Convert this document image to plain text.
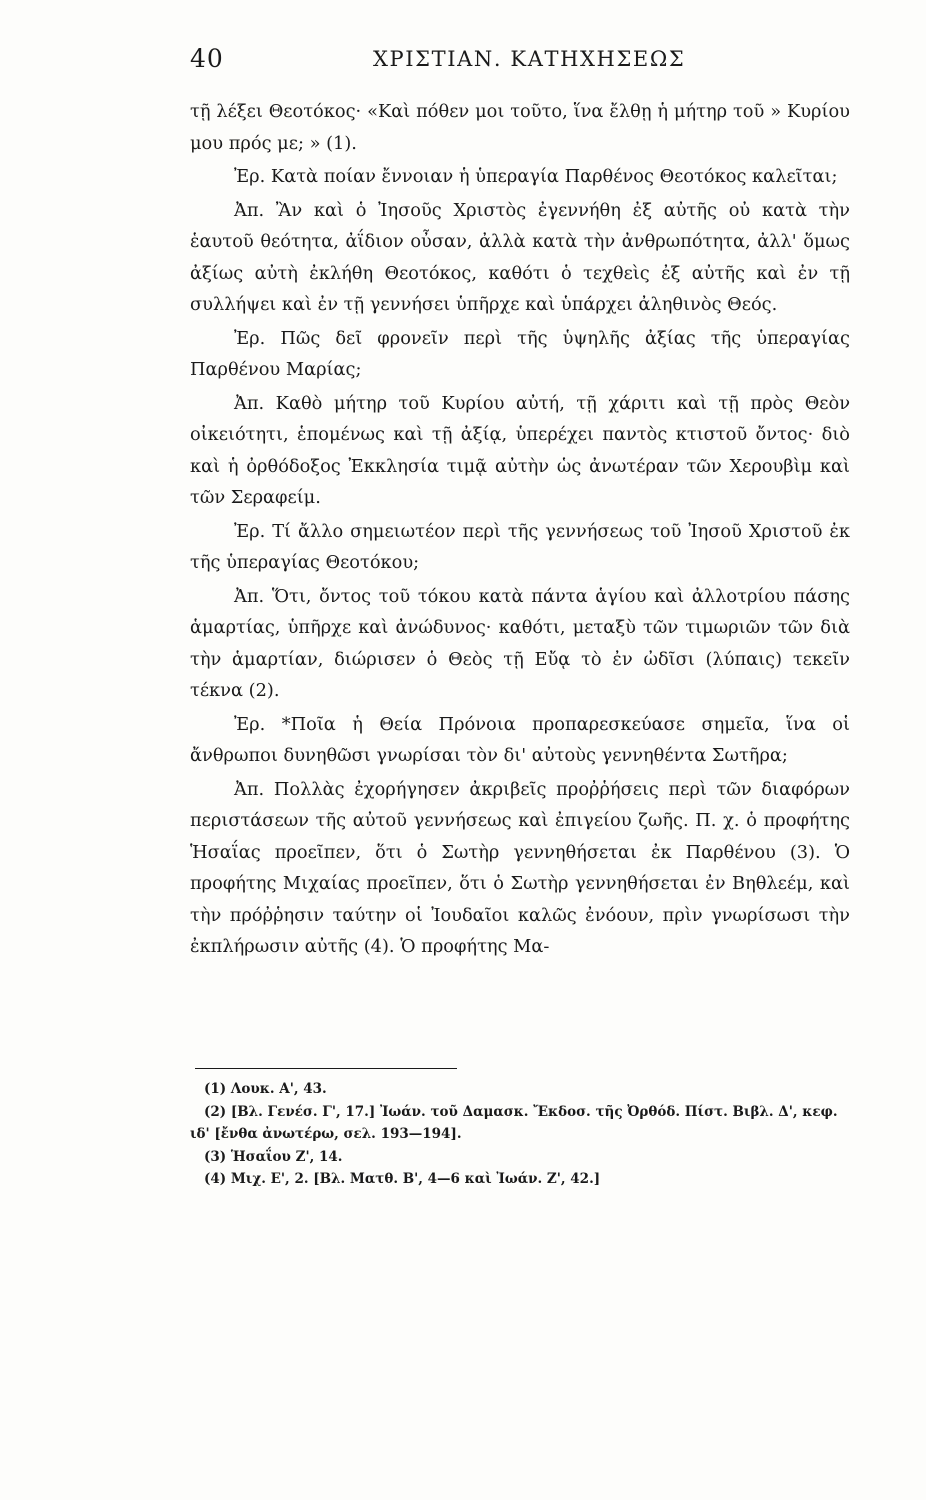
40	ΧΡΙΣΤΙΑΝ. ΚΑΤΗΧΗΣΕΩΣ

τῇ λέξει Θεοτόκος· «Καὶ πόθεν μοι τοῦτο, ἵνα ἔλθῃ ἡ μήτηρ τοῦ » Κυρίου μου πρός με; » (1).

Ἐρ. Κατὰ ποίαν ἔννοιαν ἡ ὑπεραγία Παρθένος Θεοτόκος καλεῖται;

Ἀπ. Ἂν καὶ ὁ Ἰησοῦς Χριστὸς ἐγεννήθη ἐξ αὐτῆς οὐ κατὰ τὴν ἑαυτοῦ θεότητα, ἀΐδιον οὖσαν, ἀλλὰ κατὰ τὴν ἀνθρωπότητα, ἀλλ' ὅμως ἀξίως αὐτὴ ἐκλήθη Θεοτόκος, καθότι ὁ τεχθεὶς ἐξ αὐτῆς καὶ ἐν τῇ συλλήψει καὶ ἐν τῇ γεννήσει ὑπῆρχε καὶ ὑπάρχει ἀληθινὸς Θεός.

Ἐρ. Πῶς δεῖ φρονεῖν περὶ τῆς ὑψηλῆς ἀξίας τῆς ὑπεραγίας Παρθένου Μαρίας;

Ἀπ. Καθὸ μήτηρ τοῦ Κυρίου αὐτή, τῇ χάριτι καὶ τῇ πρὸς Θεὸν οἰκειότητι, ἑπομένως καὶ τῇ ἀξίᾳ, ὑπερέχει παντὸς κτιστοῦ ὄντος· διὸ καὶ ἡ ὀρθόδοξος Ἐκκλησία τιμᾷ αὐτὴν ὡς ἀνωτέραν τῶν Χερουβὶμ καὶ τῶν Σεραφείμ.

Ἐρ. Τί ἄλλο σημειωτέον περὶ τῆς γεννήσεως τοῦ Ἰησοῦ Χριστοῦ ἐκ τῆς ὑπεραγίας Θεοτόκου;

Ἀπ. Ὅτι, ὄντος τοῦ τόκου κατὰ πάντα ἁγίου καὶ ἀλλοτρίου πάσης ἁμαρτίας, ὑπῆρχε καὶ ἀνώδυνος· καθότι, μεταξὺ τῶν τιμωριῶν τῶν διὰ τὴν ἁμαρτίαν, διώρισεν ὁ Θεὸς τῇ Εὔᾳ τὸ ἐν ὠδῖσι (λύπαις) τεκεῖν τέκνα (2).

Ἐρ. *Ποῖα ἡ Θεία Πρόνοια προπαρεσκεύασε σημεῖα, ἵνα οἱ ἄνθρωποι δυνηθῶσι γνωρίσαι τὸν δι' αὐτοὺς γεννηθέντα Σωτῆρα;

Ἀπ. Πολλὰς ἐχορήγησεν ἀκριβεῖς προῤῥήσεις περὶ τῶν διαφόρων περιστάσεων τῆς αὐτοῦ γεννήσεως καὶ ἐπιγείου ζωῆς. Π. χ. ὁ προφήτης Ἡσαΐας προεῖπεν, ὅτι ὁ Σωτὴρ γεννηθήσεται ἐκ Παρθένου (3). Ὁ προφήτης Μιχαίας προεῖπεν, ὅτι ὁ Σωτὴρ γεννηθήσεται ἐν Βηθλεέμ, καὶ τὴν πρόῤῥησιν ταύτην οἱ Ἰουδαῖοι καλῶς ἐνόουν, πρὶν γνωρίσωσι τὴν ἐκπλήρωσιν αὐτῆς (4). Ὁ προφήτης Μα-

(1) Λουκ. Α', 43.

(2) [Βλ. Γενέσ. Γ', 17.] Ἰωάν. τοῦ Δαμασκ. Ἔκδοσ. τῆς Ὀρθόδ. Πίστ. Βιβλ. Δ', κεφ. ιδ' [ἔνθα ἀνωτέρω, σελ. 193—194].

(3) Ἡσαΐου Ζ', 14.

(4) Μιχ. Ε', 2. [Βλ. Ματθ. Β', 4—6 καὶ Ἰωάν. Ζ', 42.]
